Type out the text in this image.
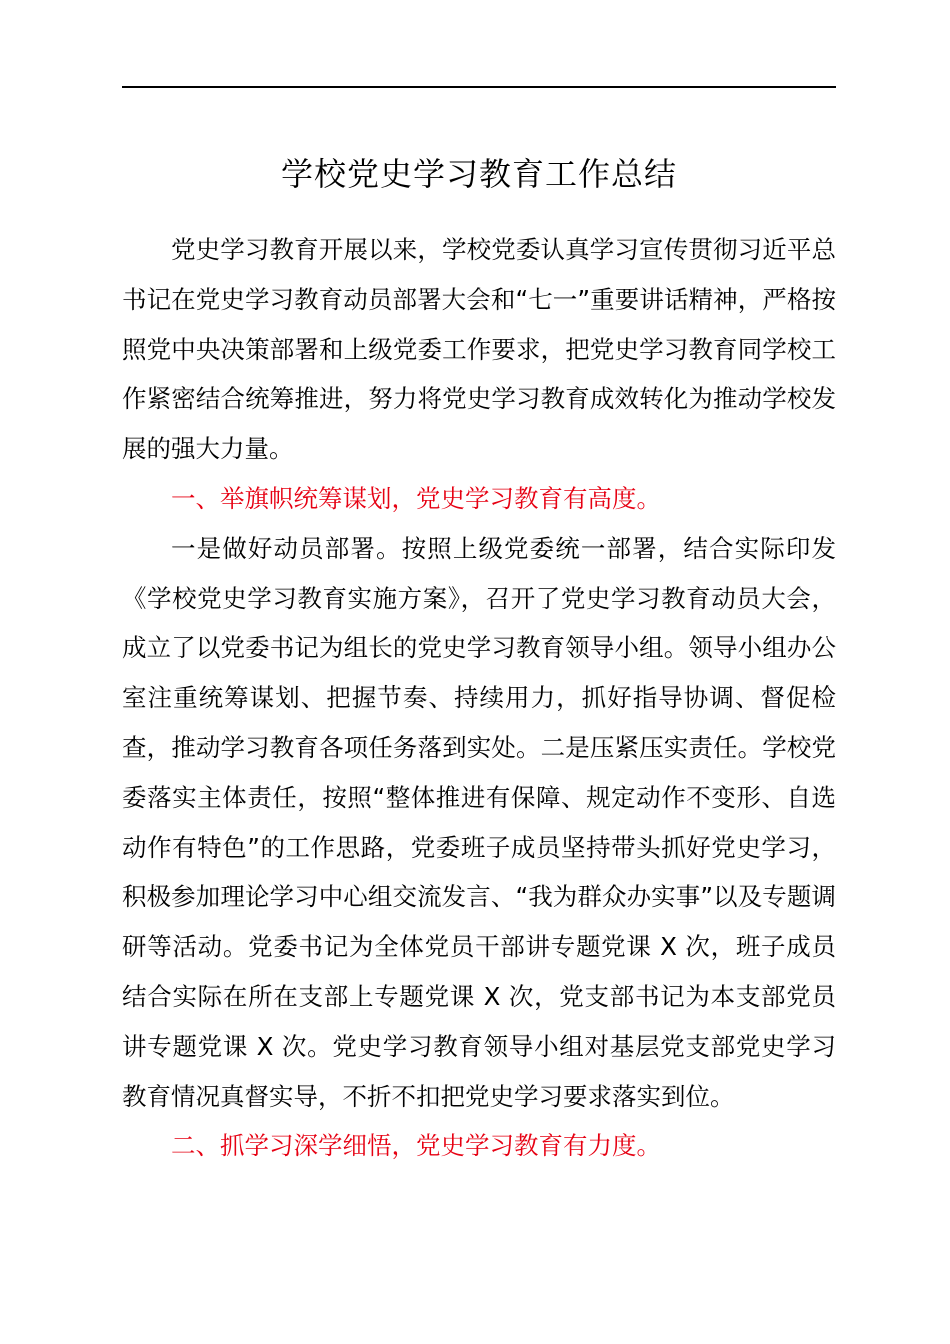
学校党史学习教育工作总结

党史学习教育开展以来，学校党委认真学习宣传贯彻习近平总书记在党史学习教育动员部署大会和“七一”重要讲话精神，严格按照党中央决策部署和上级党委工作要求，把党史学习教育同学校工作紧密结合统筹推进，努力将党史学习教育成效转化为推动学校发展的强大力量。

一、举旗帜统筹谋划，党史学习教育有高度。

一是做好动员部署。按照上级党委统一部署，结合实际印发《学校党史学习教育实施方案》，召开了党史学习教育动员大会，成立了以党委书记为组长的党史学习教育领导小组。领导小组办公室注重统筹谋划、把握节奏、持续用力，抓好指导协调、督促检查，推动学习教育各项任务落到实处。二是压紧压实责任。学校党委落实主体责任，按照“整体推进有保障、规定动作不变形、自选动作有特色”的工作思路，党委班子成员坚持带头抓好党史学习，积极参加理论学习中心组交流发言、“我为群众办实事”以及专题调研等活动。党委书记为全体党员干部讲专题党课 X 次，班子成员结合实际在所在支部上专题党课 X 次，党支部书记为本支部党员讲专题党课 X 次。党史学习教育领导小组对基层党支部党史学习教育情况真督实导，不折不扣把党史学习要求落实到位。

二、抓学习深学细悟，党史学习教育有力度。
